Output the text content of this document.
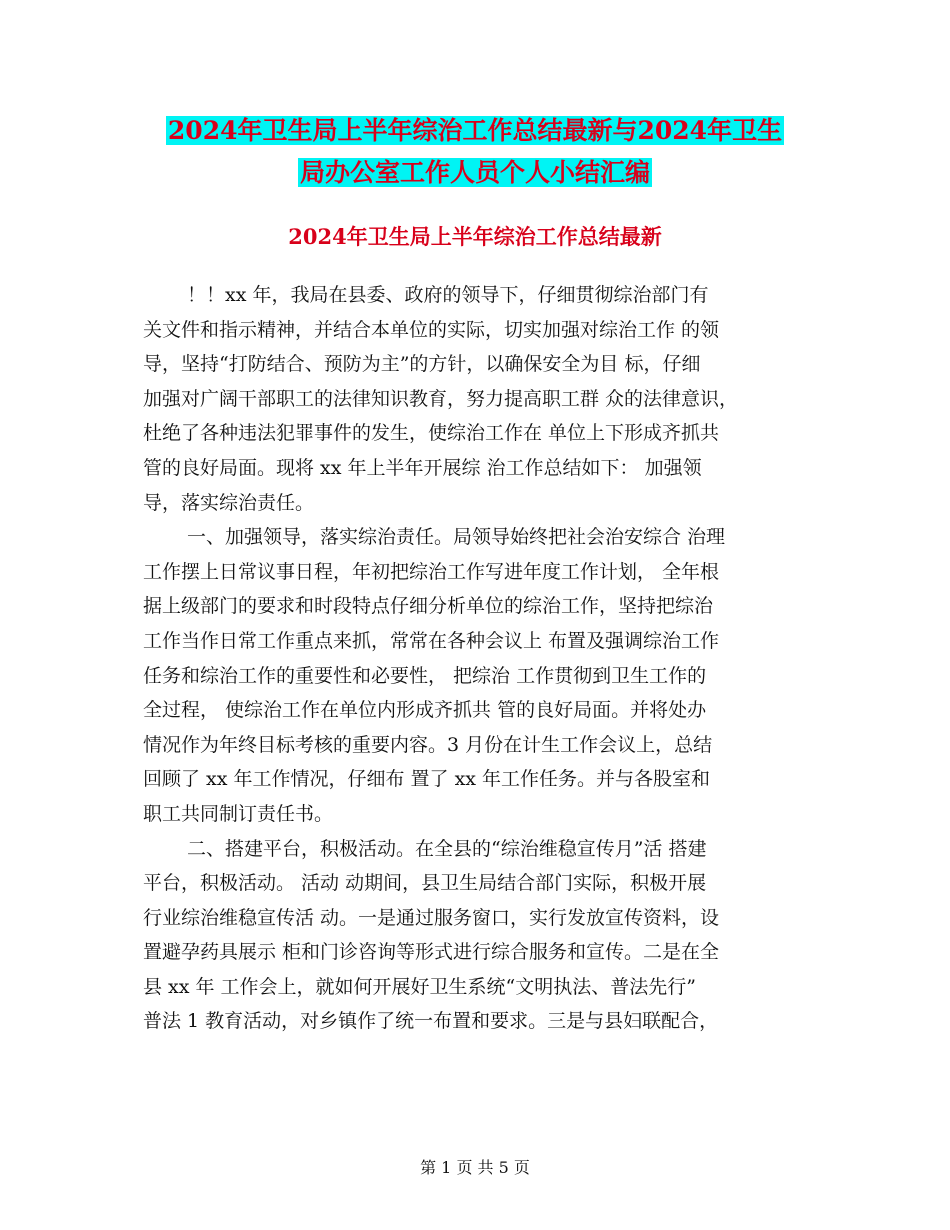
2024年卫生局上半年综治工作总结最新与2024年卫生
局办公室工作人员个人小结汇编
2024年卫生局上半年综治工作总结最新
！！xx 年，我局在县委、政府的领导下，仔细贯彻综治部门有
关文件和指示精神，并结合本单位的实际，切实加强对综治工作 的领
导，坚持“打防结合、预防为主”的方针，以确保安全为目 标，仔细
加强对广阔干部职工的法律知识教育，努力提高职工群 众的法律意识，
杜绝了各种违法犯罪事件的发生，使综治工作在 单位上下形成齐抓共
管的良好局面。现将 xx 年上半年开展综 治工作总结如下： 加强领
导，落实综治责任。
一、加强领导，落实综治责任。局领导始终把社会治安综合 治理
工作摆上日常议事日程，年初把综治工作写进年度工作计划， 全年根
据上级部门的要求和时段特点仔细分析单位的综治工作，坚持把综治
工作当作日常工作重点来抓，常常在各种会议上 布置及强调综治工作
任务和综治工作的重要性和必要性， 把综治 工作贯彻到卫生工作的
全过程， 使综治工作在单位内形成齐抓共 管的良好局面。并将处办
情况作为年终目标考核的重要内容。3 月份在计生工作会议上，总结
回顾了 xx 年工作情况，仔细布 置了 xx 年工作任务。并与各股室和
职工共同制订责任书。
二、搭建平台，积极活动。在全县的“综治维稳宣传月”活 搭建
平台，积极活动。 活动 动期间，县卫生局结合部门实际，积极开展
行业综治维稳宣传活 动。一是通过服务窗口，实行发放宣传资料，设
置避孕药具展示 柜和门诊咨询等形式进行综合服务和宣传。二是在全
县 xx 年 工作会上，就如何开展好卫生系统“文明执法、普法先行”
普法 1 教育活动，对乡镇作了统一布置和要求。三是与县妇联配合，
第 1 页 共 5 页
